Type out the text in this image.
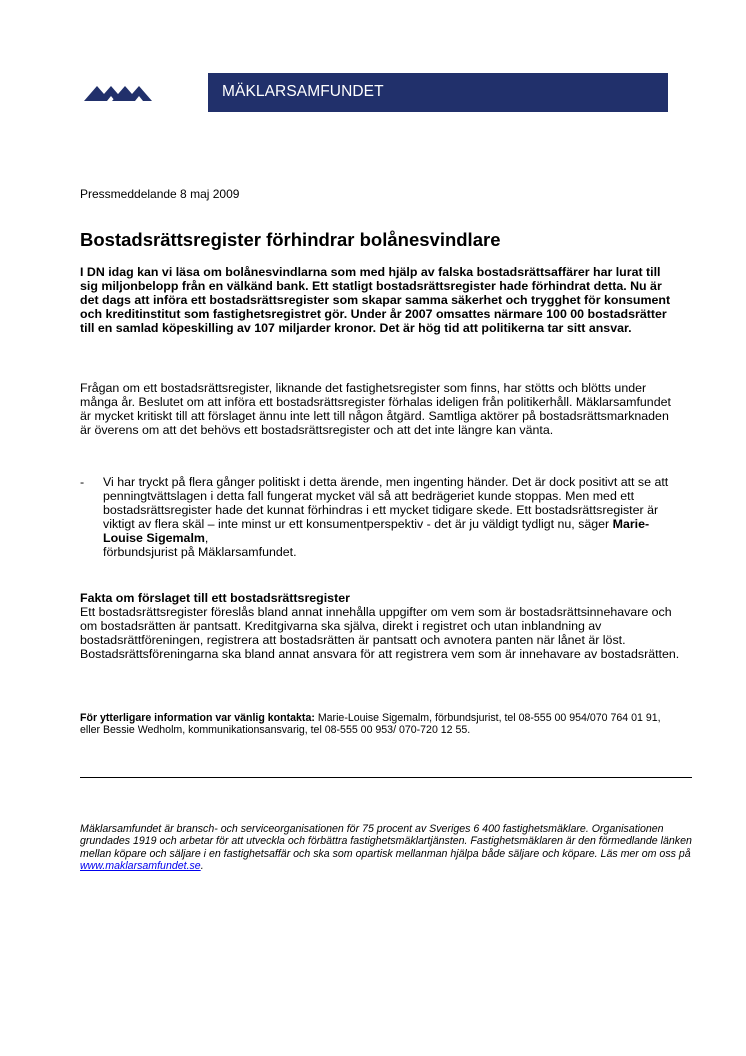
MÄKLARSAMFUNDET
Pressmeddelande 8 maj 2009
Bostadsrättsregister förhindrar bolånesvindlare

I DN idag kan vi läsa om bolånesvindlarna som med hjälp av falska bostadsrättsaffärer har lurat till sig miljonbelopp från en välkänd bank. Ett statligt bostadsrättsregister hade förhindrat detta. Nu är det dags att införa ett bostadsrättsregister som skapar samma säkerhet och trygghet för konsument och kreditinstitut som fastighetsregistret gör. Under år 2007 omsattes närmare 100 00 bostadsrätter till en samlad köpeskilling av 107 miljarder kronor. Det är hög tid att politikerna tar sitt ansvar.

Frågan om ett bostadsrättsregister, liknande det fastighetsregister som finns, har stötts och blötts under många år. Beslutet om att införa ett bostadsrättsregister förhalas ideligen från politikerhåll. Mäklarsamfundet är mycket kritiskt till att förslaget ännu inte lett till någon åtgärd. Samtliga aktörer på bostadsrättsmarknaden är överens om att det behövs ett bostadsrättsregister och att det inte längre kan vänta.

- Vi har tryckt på flera gånger politiskt i detta ärende, men ingenting händer. Det är dock positivt att se att penningtvättslagen i detta fall fungerat mycket väl så att bedrägeriet kunde stoppas. Men med ett bostadsrättsregister hade det kunnat förhindras i ett mycket tidigare skede. Ett bostadsrättsregister är viktigt av flera skäl – inte minst ur ett konsumentperspektiv - det är ju väldigt tydligt nu, säger Marie-Louise Sigemalm,
förbundsjurist på Mäklarsamfundet.
Fakta om förslaget till ett bostadsrättsregister

Ett bostadsrättsregister föreslås bland annat innehålla uppgifter om vem som är bostadsrättsinnehavare och om bostadsrätten är pantsatt. Kreditgivarna ska själva, direkt i registret och utan inblandning av bostadsrättföreningen, registrera att bostadsrätten är pantsatt och avnotera panten när lånet är löst. Bostadsrättsföreningarna ska bland annat ansvara för att registrera vem som är innehavare av bostadsrätten.

För ytterligare information var vänlig kontakta: Marie-Louise Sigemalm, förbundsjurist, tel 08-555 00 954/070 764 01 91, eller Bessie Wedholm, kommunikationsansvarig, tel 08-555 00 953/ 070-720 12 55.

Mäklarsamfundet är bransch- och serviceorganisationen för 75 procent av Sveriges 6 400 fastighetsmäklare. Organisationen grundades 1919 och arbetar för att utveckla och förbättra fastighetsmäklartjänsten. Fastighetsmäklaren är den förmedlande länken mellan köpare och säljare i en fastighetsaffär och ska som opartisk mellanman hjälpa både säljare och köpare. Läs mer om oss på www.maklarsamfundet.se.
